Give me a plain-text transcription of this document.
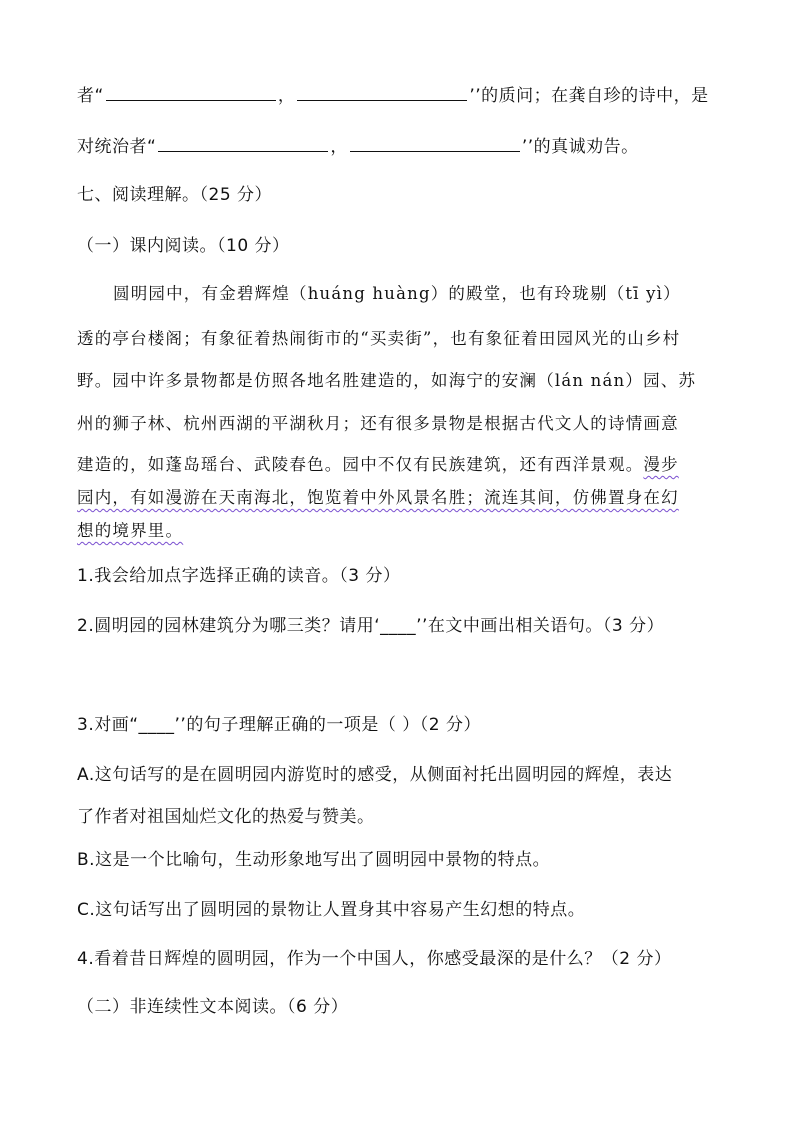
者“	，	’’的质问；在龚自珍的诗中，是
对统治者“	，	’’的真诚劝告。
七、阅读理解。（25 分）
（一）课内阅读。（10 分）
圆明园中，有金碧辉煌（huáng huàng）的殿堂，也有玲珑剔（tī yì）
透的亭台楼阁；有象征着热闹街市的“买卖街”，也有象征着田园风光的山乡村
野。园中许多景物都是仿照各地名胜建造的，如海宁的安澜（lán nán）园、苏
州的狮子林、杭州西湖的平湖秋月；还有很多景物是根据古代文人的诗情画意
建造的，如蓬岛瑶台、武陵春色。园中不仅有民族建筑，还有西洋景观。漫步
园内，有如漫游在天南海北，饱览着中外风景名胜；流连其间，仿佛置身在幻
想的境界里。
1.我会给加点字选择正确的读音。（3 分）
2.圆明园的园林建筑分为哪三类？请用‘____’’在文中画出相关语句。（3 分）
3.对画“____’’的句子理解正确的一项是（ ）（2 分）
A.这句话写的是在圆明园内游览时的感受，从侧面衬托出圆明园的辉煌，表达
了作者对祖国灿烂文化的热爱与赞美。
B.这是一个比喻句，生动形象地写出了圆明园中景物的特点。
C.这句话写出了圆明园的景物让人置身其中容易产生幻想的特点。
4.看着昔日辉煌的圆明园，作为一个中国人，你感受最深的是什么？（2 分）
（二）非连续性文本阅读。（6 分）
